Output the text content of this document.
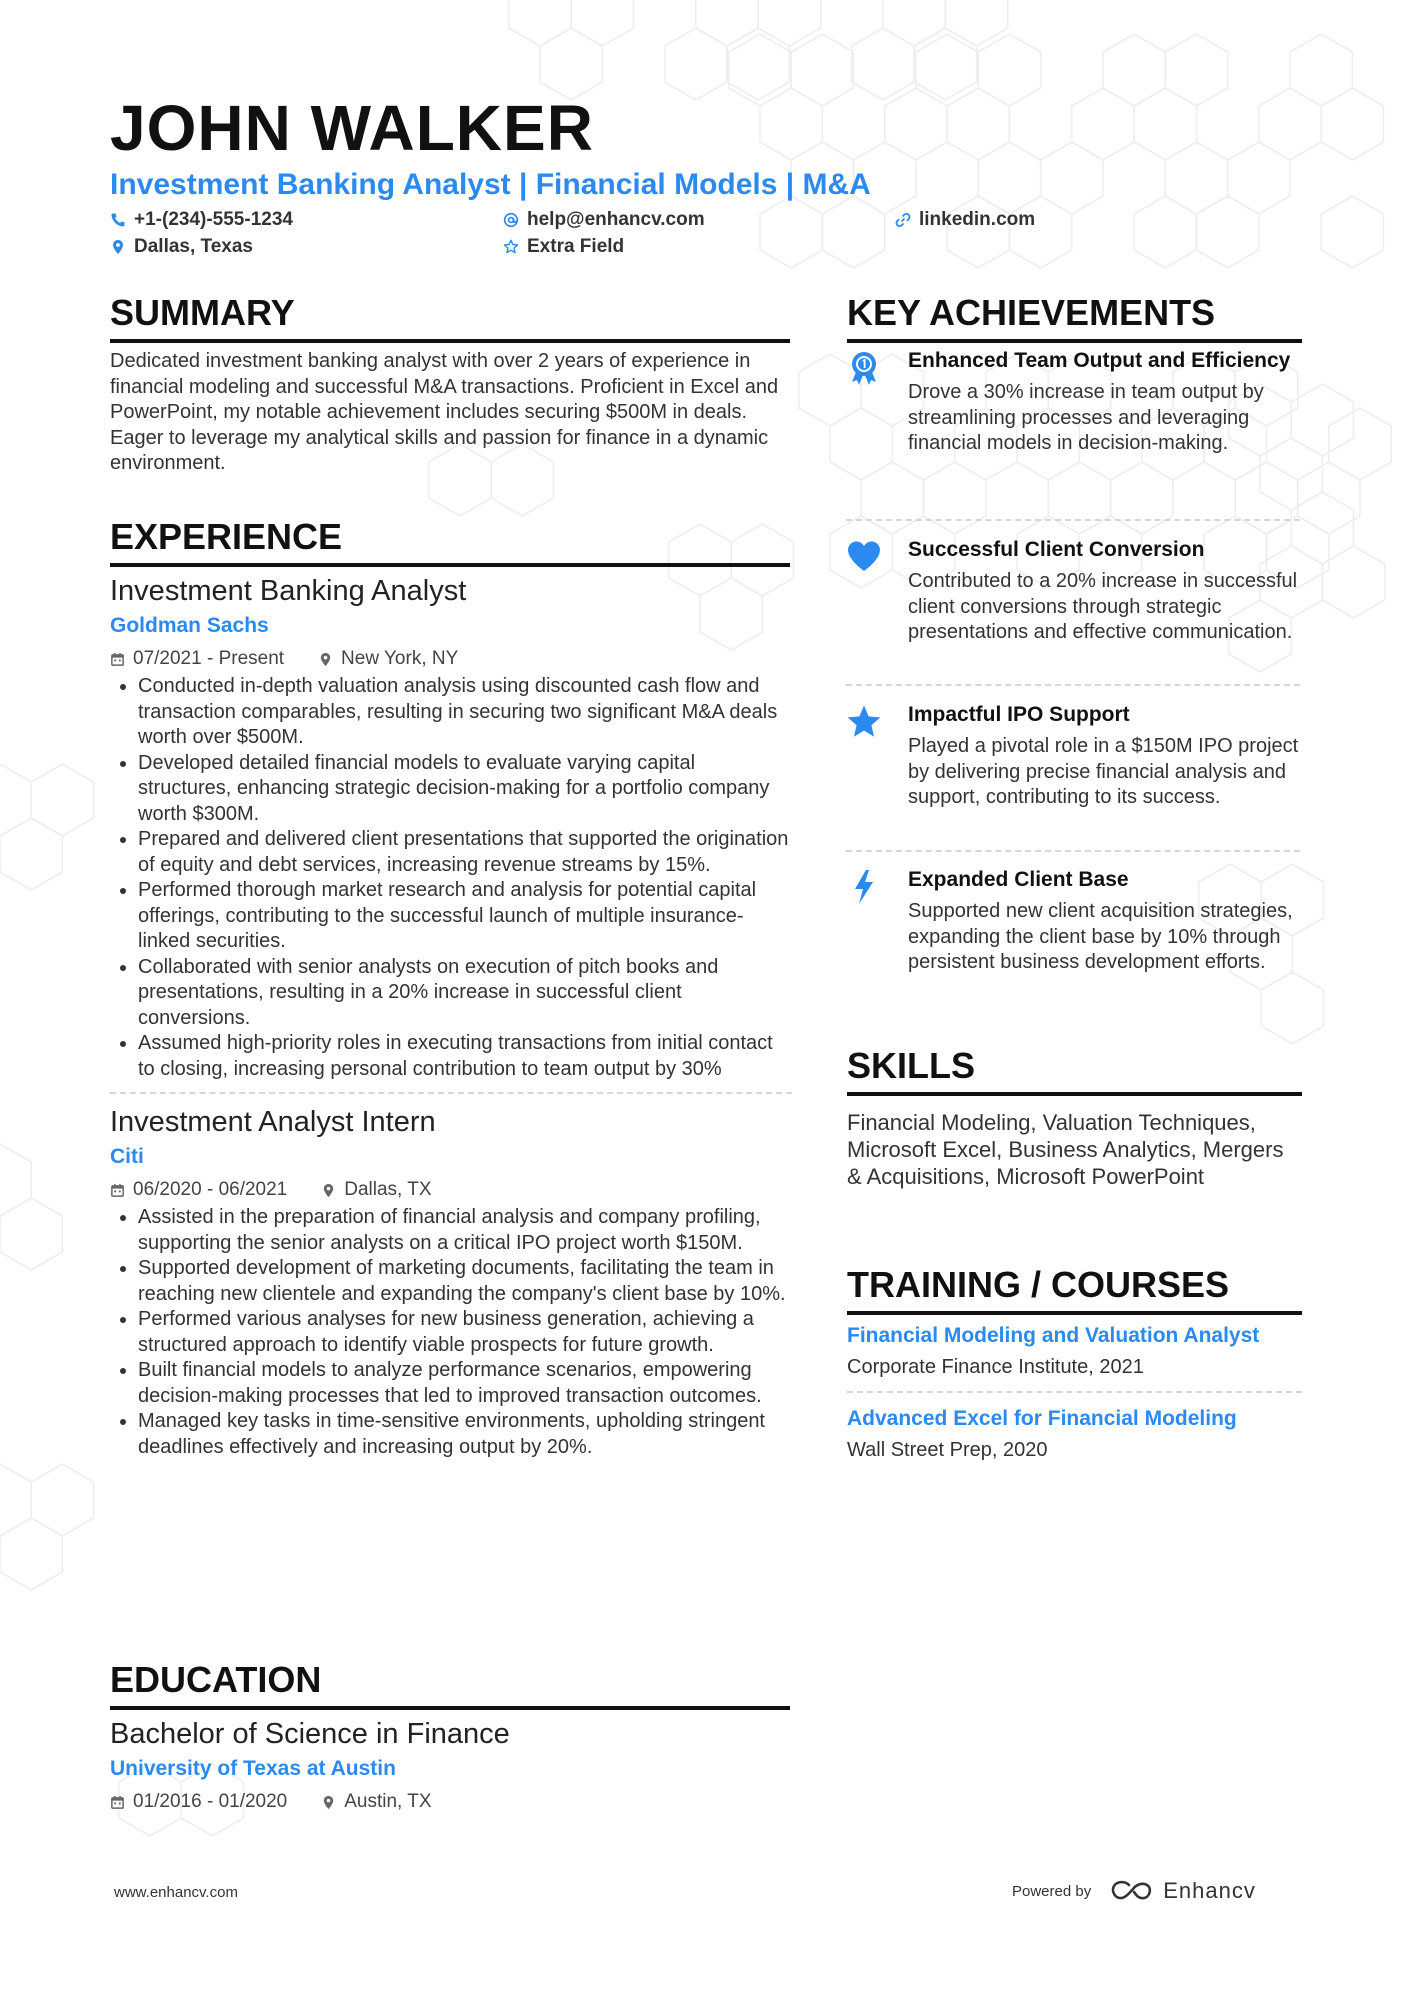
JOHN WALKER
Investment Banking Analyst | Financial Models | M&A
+1-(234)-555-1234	help@enhancv.com	linkedin.com
Dallas, Texas	Extra Field
SUMMARY
Dedicated investment banking analyst with over 2 years of experience in financial modeling and successful M&A transactions. Proficient in Excel and PowerPoint, my notable achievement includes securing $500M in deals. Eager to leverage my analytical skills and passion for finance in a dynamic environment.
EXPERIENCE
Investment Banking Analyst
Goldman Sachs
07/2021 - Present	New York, NY
• Conducted in-depth valuation analysis using discounted cash flow and transaction comparables, resulting in securing two significant M&A deals worth over $500M.
• Developed detailed financial models to evaluate varying capital structures, enhancing strategic decision-making for a portfolio company worth $300M.
• Prepared and delivered client presentations that supported the origination of equity and debt services, increasing revenue streams by 15%.
• Performed thorough market research and analysis for potential capital offerings, contributing to the successful launch of multiple insurance-linked securities.
• Collaborated with senior analysts on execution of pitch books and presentations, resulting in a 20% increase in successful client conversions.
• Assumed high-priority roles in executing transactions from initial contact to closing, increasing personal contribution to team output by 30%
Investment Analyst Intern
Citi
06/2020 - 06/2021	Dallas, TX
• Assisted in the preparation of financial analysis and company profiling, supporting the senior analysts on a critical IPO project worth $150M.
• Supported development of marketing documents, facilitating the team in reaching new clientele and expanding the company's client base by 10%.
• Performed various analyses for new business generation, achieving a structured approach to identify viable prospects for future growth.
• Built financial models to analyze performance scenarios, empowering decision-making processes that led to improved transaction outcomes.
• Managed key tasks in time-sensitive environments, upholding stringent deadlines effectively and increasing output by 20%.
EDUCATION
Bachelor of Science in Finance
University of Texas at Austin
01/2016 - 01/2020	Austin, TX
KEY ACHIEVEMENTS
Enhanced Team Output and Efficiency
Drove a 30% increase in team output by streamlining processes and leveraging financial models in decision-making.
Successful Client Conversion
Contributed to a 20% increase in successful client conversions through strategic presentations and effective communication.
Impactful IPO Support
Played a pivotal role in a $150M IPO project by delivering precise financial analysis and support, contributing to its success.
Expanded Client Base
Supported new client acquisition strategies, expanding the client base by 10% through persistent business development efforts.
SKILLS
Financial Modeling, Valuation Techniques, Microsoft Excel, Business Analytics, Mergers & Acquisitions, Microsoft PowerPoint
TRAINING / COURSES
Financial Modeling and Valuation Analyst
Corporate Finance Institute, 2021
Advanced Excel for Financial Modeling
Wall Street Prep, 2020
www.enhancv.com	Powered by	Enhancv
